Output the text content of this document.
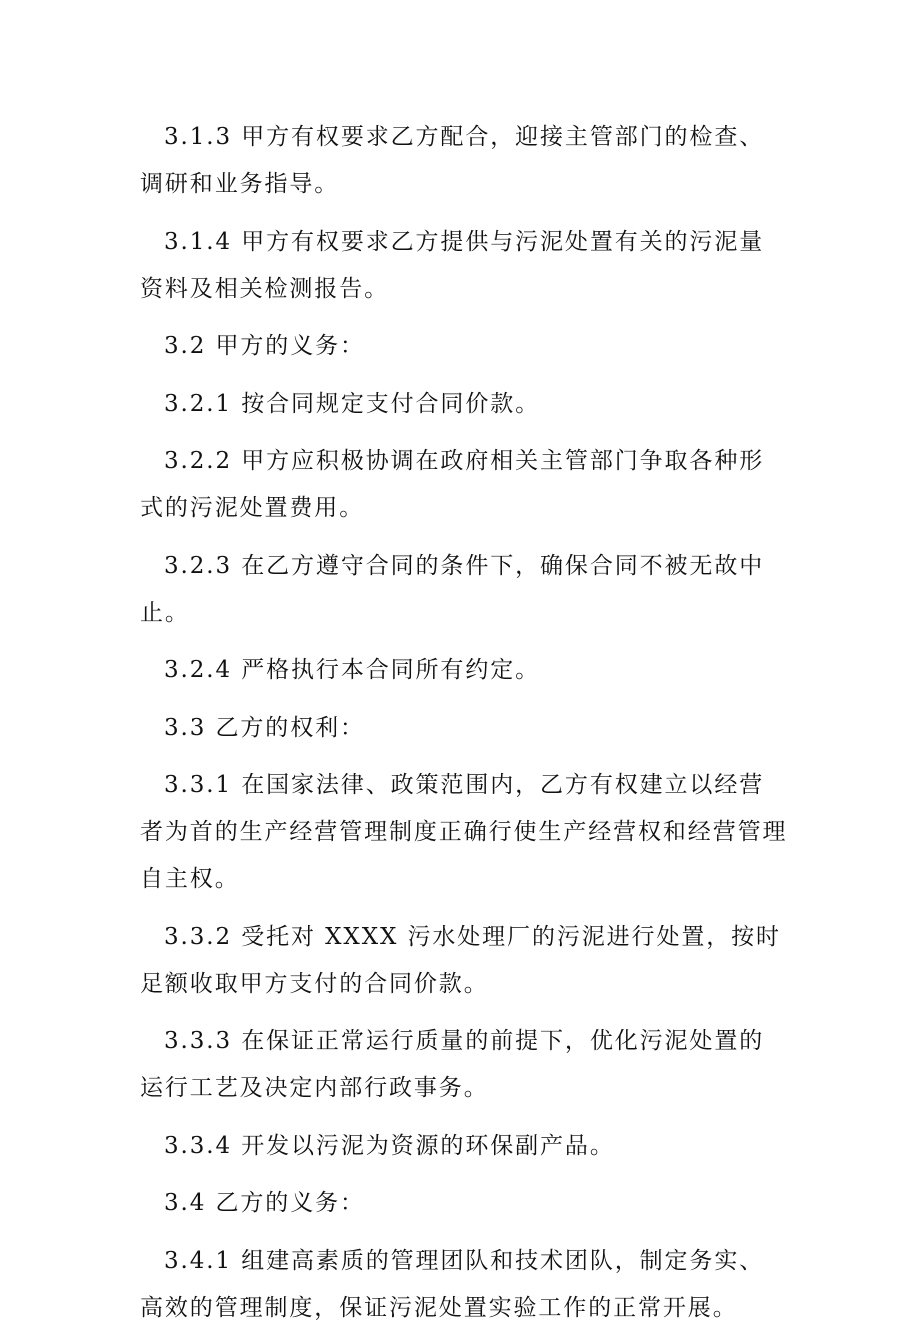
3.1.3 甲方有权要求乙方配合，迎接主管部门的检查、调研和业务指导。

3.1.4 甲方有权要求乙方提供与污泥处置有关的污泥量资料及相关检测报告。

3.2 甲方的义务：

3.2.1 按合同规定支付合同价款。

3.2.2 甲方应积极协调在政府相关主管部门争取各种形式的污泥处置费用。

3.2.3 在乙方遵守合同的条件下，确保合同不被无故中止。

3.2.4 严格执行本合同所有约定。

3.3 乙方的权利：

3.3.1 在国家法律、政策范围内，乙方有权建立以经营者为首的生产经营管理制度正确行使生产经营权和经营管理自主权。

3.3.2 受托对 XXXX 污水处理厂的污泥进行处置，按时足额收取甲方支付的合同价款。

3.3.3 在保证正常运行质量的前提下，优化污泥处置的运行工艺及决定内部行政事务。

3.3.4 开发以污泥为资源的环保副产品。

3.4 乙方的义务：

3.4.1 组建高素质的管理团队和技术团队，制定务实、高效的管理制度，保证污泥处置实验工作的正常开展。
